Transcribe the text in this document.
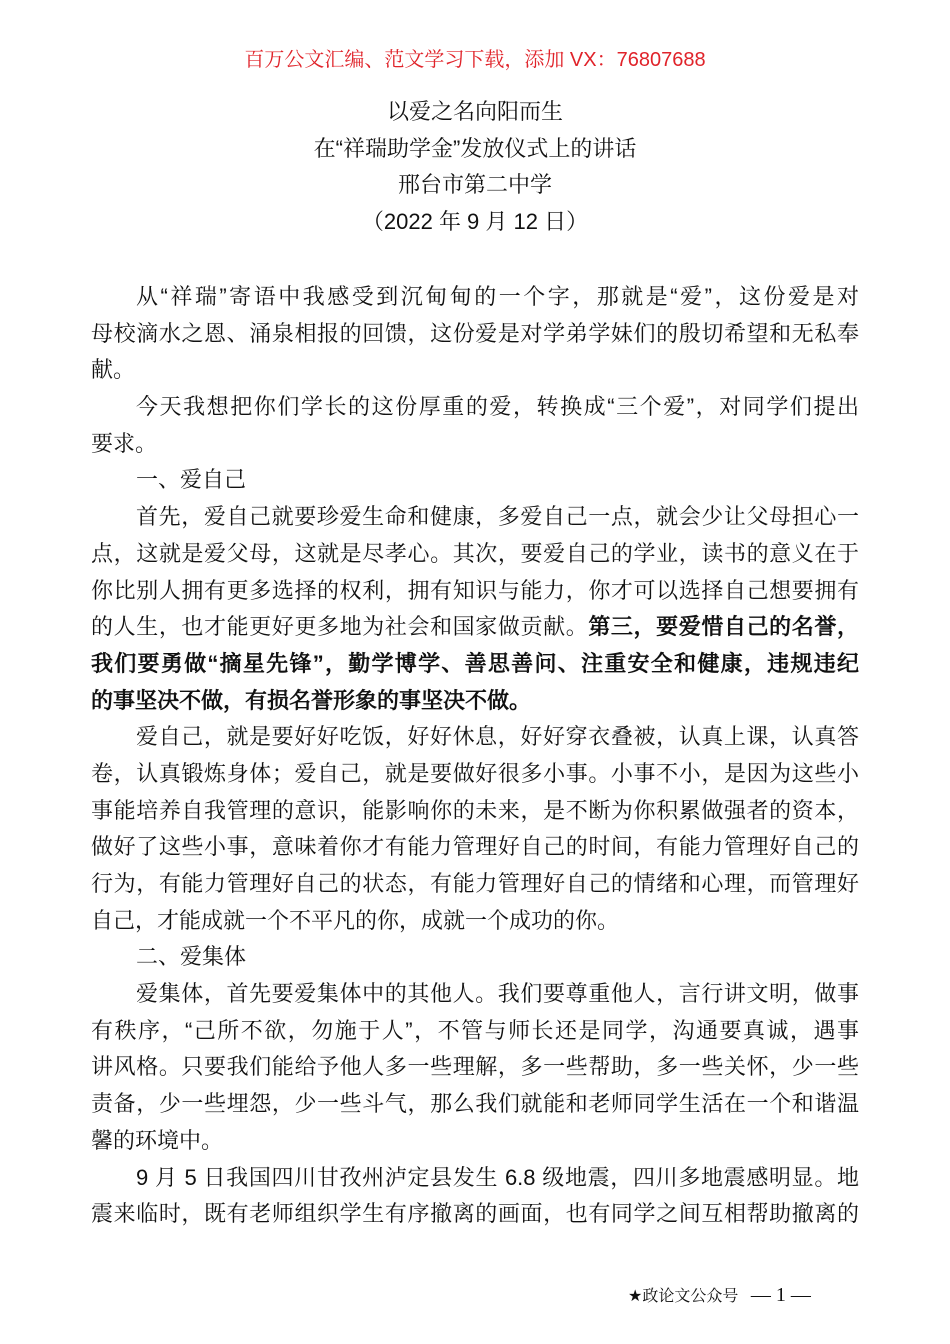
百万公文汇编、范文学习下载，添加 VX：76807688
以爱之名向阳而生
在“祥瑞助学金”发放仪式上的讲话
邢台市第二中学
（2022 年 9 月 12 日）
从“祥瑞”寄语中我感受到沉甸甸的一个字，那就是“爱”，这份爱是对
母校滴水之恩、涌泉相报的回馈，这份爱是对学弟学妹们的殷切希望和无私奉
献。
今天我想把你们学长的这份厚重的爱，转换成“三个爱”，对同学们提出
要求。
一、爱自己
首先，爱自己就要珍爱生命和健康，多爱自己一点，就会少让父母担心一
点，这就是爱父母，这就是尽孝心。其次，要爱自己的学业，读书的意义在于
你比别人拥有更多选择的权利，拥有知识与能力，你才可以选择自己想要拥有
的人生，也才能更好更多地为社会和国家做贡献。第三，要爱惜自己的名誉，
我们要勇做“摘星先锋”，勤学博学、善思善问、注重安全和健康，违规违纪
的事坚决不做，有损名誉形象的事坚决不做。
爱自己，就是要好好吃饭，好好休息，好好穿衣叠被，认真上课，认真答
卷，认真锻炼身体；爱自己，就是要做好很多小事。小事不小，是因为这些小
事能培养自我管理的意识，能影响你的未来，是不断为你积累做强者的资本，
做好了这些小事，意味着你才有能力管理好自己的时间，有能力管理好自己的
行为，有能力管理好自己的状态，有能力管理好自己的情绪和心理，而管理好
自己，才能成就一个不平凡的你，成就一个成功的你。
二、爱集体
爱集体，首先要爱集体中的其他人。我们要尊重他人，言行讲文明，做事
有秩序，“己所不欲，勿施于人”，不管与师长还是同学，沟通要真诚，遇事
讲风格。只要我们能给予他人多一些理解，多一些帮助，多一些关怀，少一些
责备，少一些埋怨，少一些斗气，那么我们就能和老师同学生活在一个和谐温
馨的环境中。
9 月 5 日我国四川甘孜州泸定县发生 6.8 级地震，四川多地震感明显。地
震来临时，既有老师组织学生有序撤离的画面，也有同学之间互相帮助撤离的
★政论文公众号 — 1 —
